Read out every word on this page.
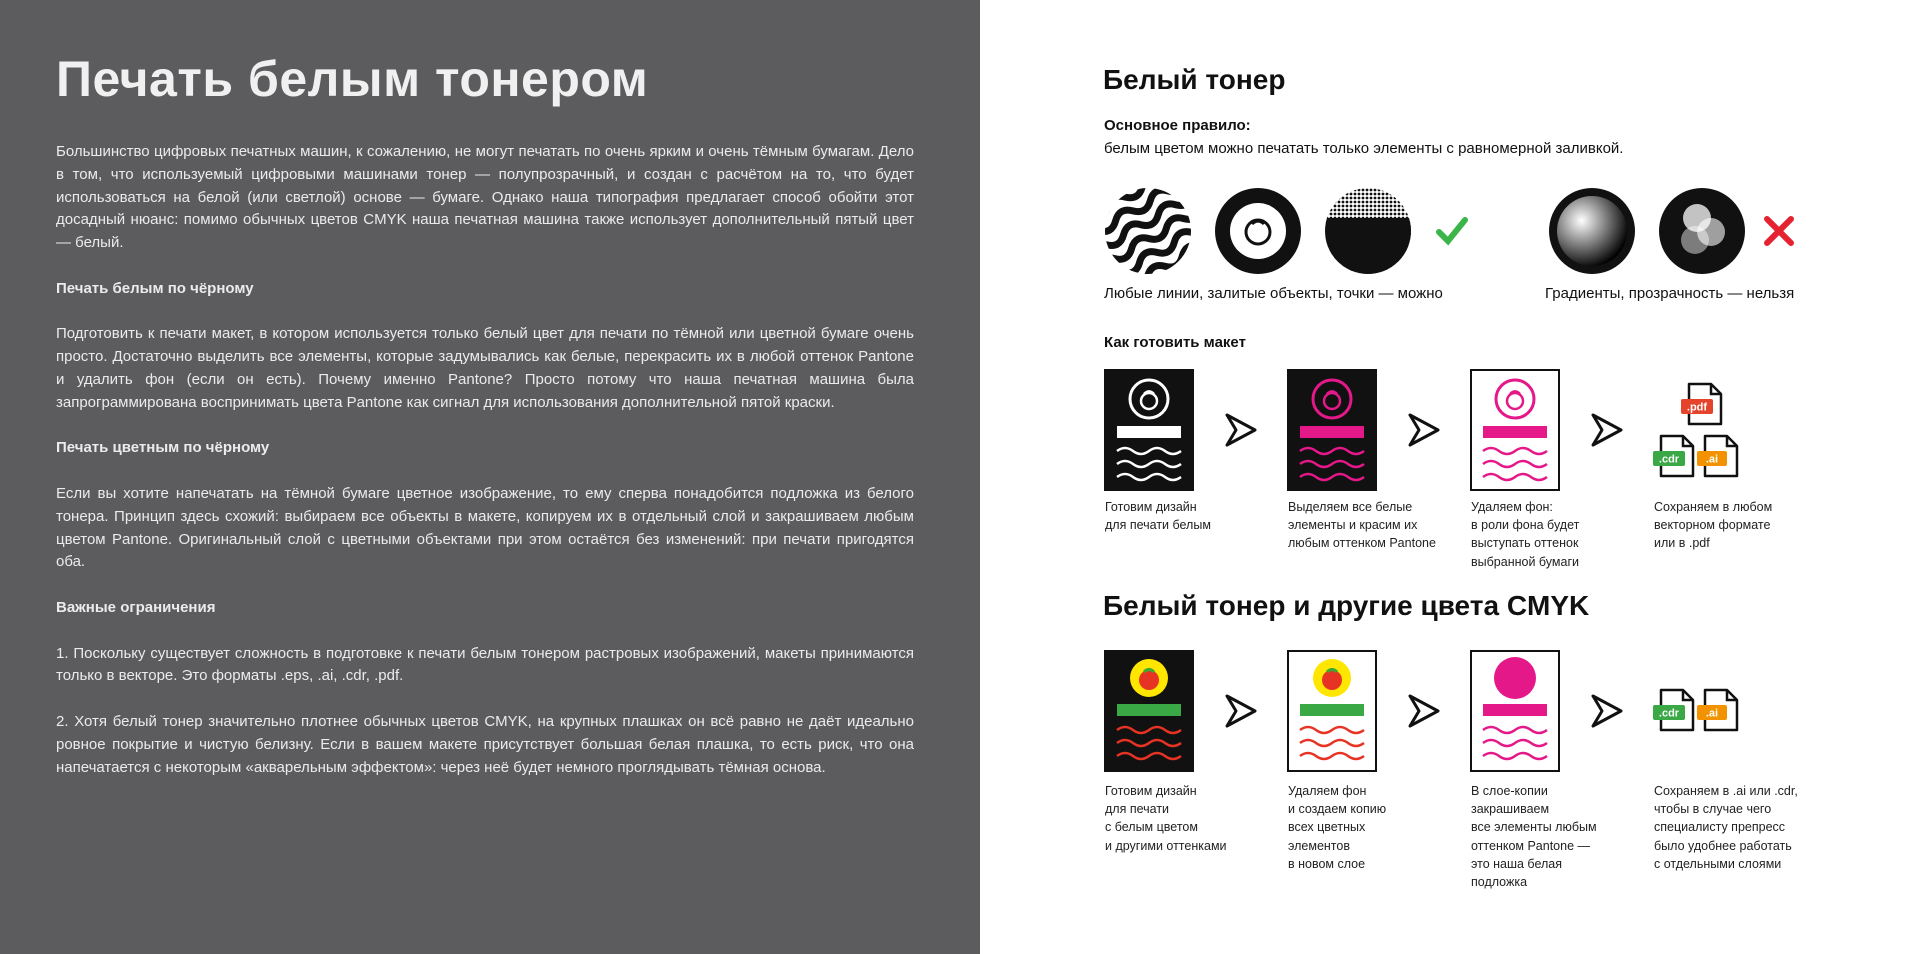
Печать белым тонером

Большинство цифровых печатных машин, к сожалению, не могут печатать по очень ярким и очень тёмным бумагам. Дело в том, что используемый цифровыми машинами тонер — полупрозрачный, и создан с расчётом на то, что будет использоваться на белой (или светлой) основе — бумаге. Однако наша типография предлагает способ обойти этот досадный нюанс: помимо обычных цветов CMYK наша печатная машина также использует дополнительный пятый цвет — белый.

Печать белым по чёрному

Подготовить к печати макет, в котором используется только белый цвет для печати по тёмной или цветной бумаге очень просто. Достаточно выделить все элементы, которые задумывались как белые, перекрасить их в любой оттенок Pantone и удалить фон (если он есть). Почему именно Pantone? Просто потому что наша печатная машина была запрограммирована воспринимать цвета Pantone как сигнал для использования дополнительной пятой краски.

Печать цветным по чёрному

Если вы хотите напечатать на тёмной бумаге цветное изображение, то ему сперва понадобится подложка из белого тонера. Принцип здесь схожий: выбираем все объекты в макете, копируем их в отдельный слой и закрашиваем любым цветом Pantone. Оригинальный слой с цветными объектами при этом остаётся без изменений: при печати пригодятся оба.

Важные ограничения

1. Поскольку существует сложность в подготовке к печати белым тонером растровых изображений, макеты принимаются только в векторе. Это форматы .eps, .ai, .cdr, .pdf.

2. Хотя белый тонер значительно плотнее обычных цветов CMYK, на крупных плашках он всё равно не даёт идеально ровное покрытие и чистую белизну. Если в вашем макете присутствует большая белая плашка, то есть риск, что она напечатается с некоторым «акварельным эффектом»: через неё будет немного проглядывать тёмная основа.

Белый тонер
Основное правило:
белым цветом можно печатать только элементы с равномерной заливкой.
Любые линии, залитые объекты, точки — можно	Градиенты, прозрачность — нельзя
Как готовить макет
.pdf
.cdr .ai
Готовим дизайн
для печати белым
Выделяем все белые
элементы и красим их
любым оттенком Pantone
Удаляем фон:
в роли фона будет
выступать оттенок
выбранной бумаги
Сохраняем в любом
векторном формате
или в .pdf
Белый тонер и другие цвета CMYK
.cdr .ai
Готовим дизайн
для печати
с белым цветом
и другими оттенками
Удаляем фон
и создаем копию
всех цветных
элементов
в новом слое
В слое-копии
закрашиваем
все элементы любым
оттенком Pantone —
это наша белая
подложка
Сохраняем в .ai или .cdr,
чтобы в случае чего
специалисту препресс
было удобнее работать
с отдельными слоями
